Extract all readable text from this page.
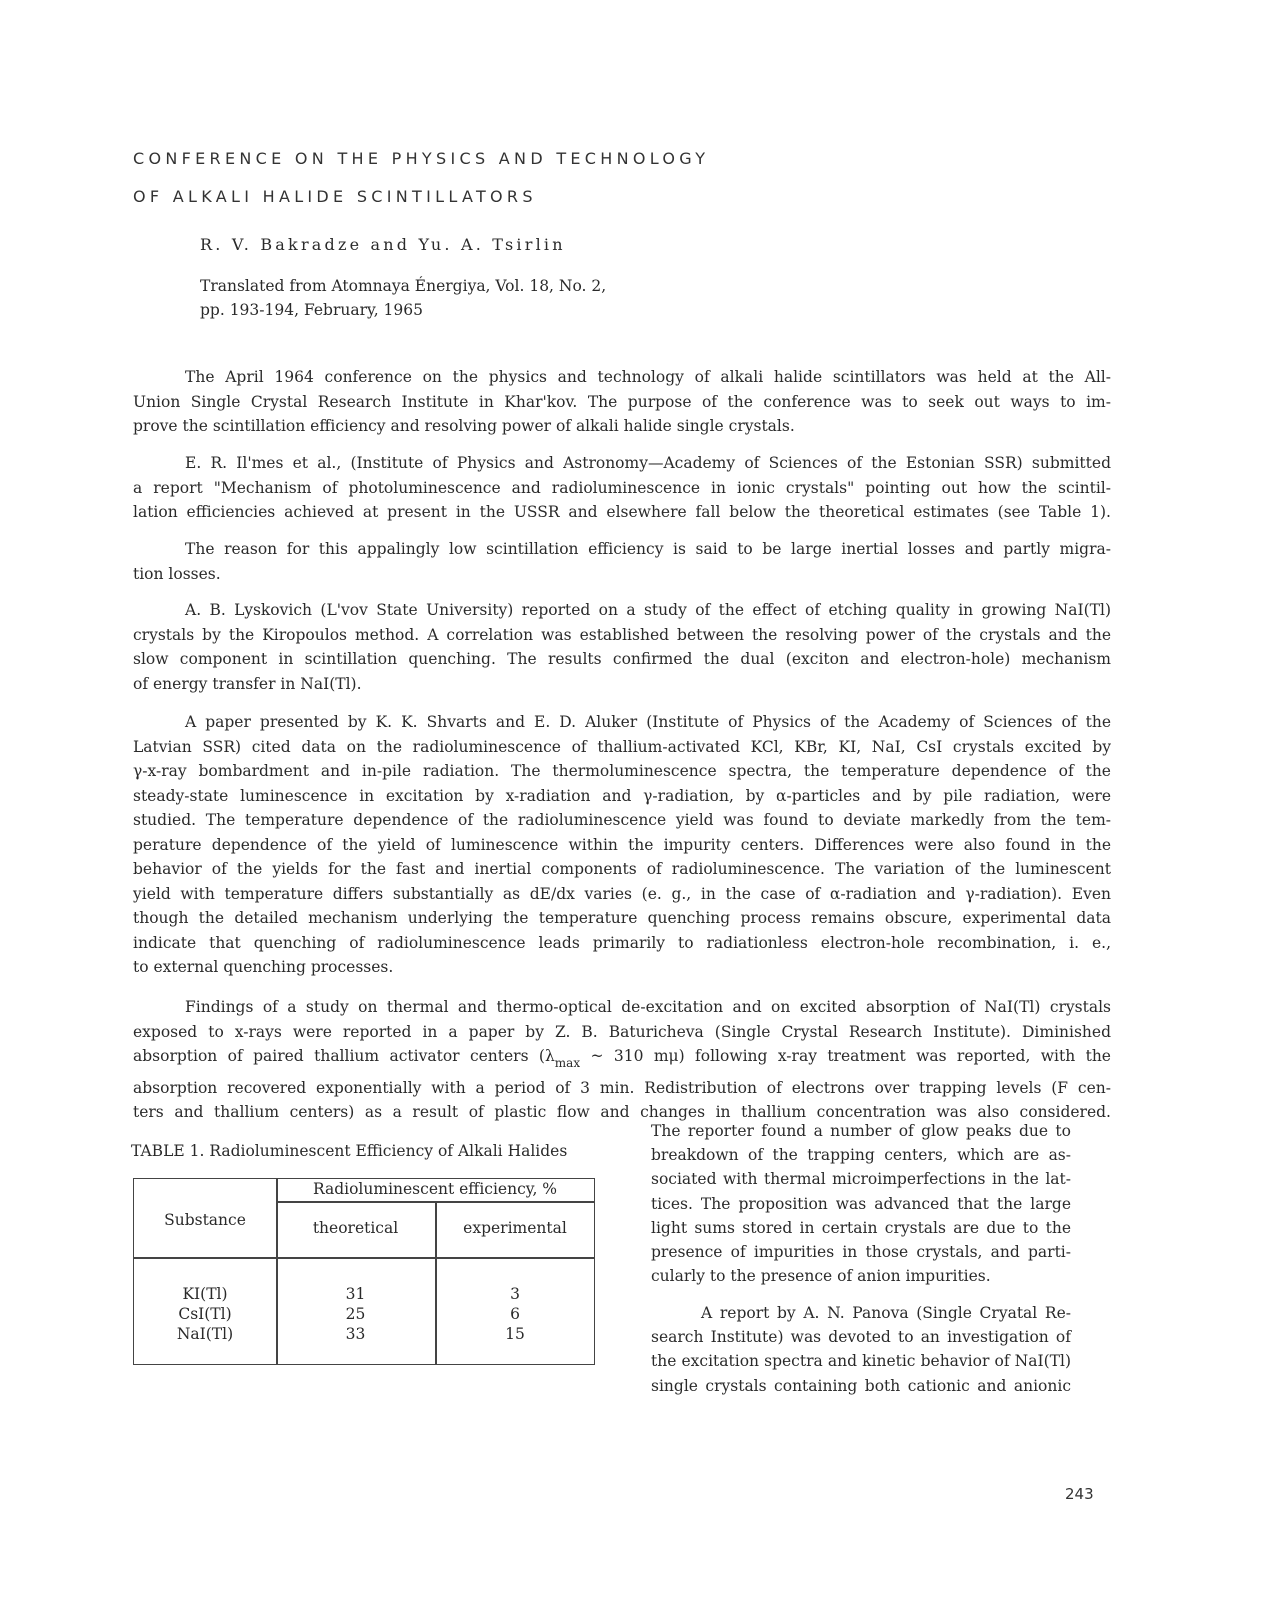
CONFERENCE ON THE PHYSICS AND TECHNOLOGY
OF ALKALI HALIDE SCINTILLATORS
R. V. Bakradze and Yu. A. Tsirlin
Translated from Atomnaya Énergiya, Vol. 18, No. 2,
pp. 193-194, February, 1965
The April 1964 conference on the physics and technology of alkali halide scintillators was held at the All-
Union Single Crystal Research Institute in Khar'kov. The purpose of the conference was to seek out ways to im-
prove the scintillation efficiency and resolving power of alkali halide single crystals.
E. R. Il'mes et al., (Institute of Physics and Astronomy—Academy of Sciences of the Estonian SSR) submitted
a report "Mechanism of photoluminescence and radioluminescence in ionic crystals" pointing out how the scintil-
lation efficiencies achieved at present in the USSR and elsewhere fall below the theoretical estimates (see Table 1).
The reason for this appalingly low scintillation efficiency is said to be large inertial losses and partly migra-
tion losses.
A. B. Lyskovich (L'vov State University) reported on a study of the effect of etching quality in growing NaI(Tl)
crystals by the Kiropoulos method. A correlation was established between the resolving power of the crystals and the
slow component in scintillation quenching. The results confirmed the dual (exciton and electron-hole) mechanism
of energy transfer in NaI(Tl).
A paper presented by K. K. Shvarts and E. D. Aluker (Institute of Physics of the Academy of Sciences of the
Latvian SSR) cited data on the radioluminescence of thallium-activated KCl, KBr, KI, NaI, CsI crystals excited by
γ-x-ray bombardment and in-pile radiation. The thermoluminescence spectra, the temperature dependence of the
steady-state luminescence in excitation by x-radiation and γ-radiation, by α-particles and by pile radiation, were
studied. The temperature dependence of the radioluminescence yield was found to deviate markedly from the tem-
perature dependence of the yield of luminescence within the impurity centers. Differences were also found in the
behavior of the yields for the fast and inertial components of radioluminescence. The variation of the luminescent
yield with temperature differs substantially as dE/dx varies (e. g., in the case of α-radiation and γ-radiation). Even
though the detailed mechanism underlying the temperature quenching process remains obscure, experimental data
indicate that quenching of radioluminescence leads primarily to radiationless electron-hole recombination, i. e.,
to external quenching processes.
Findings of a study on thermal and thermo-optical de-excitation and on excited absorption of NaI(Tl) crystals
exposed to x-rays were reported in a paper by Z. B. Baturicheva (Single Crystal Research Institute). Diminished
absorption of paired thallium activator centers ($\lambda_{max}$ ~ 310 mμ) following x-ray treatment was reported, with the
absorption recovered exponentially with a period of 3 min. Redistribution of electrons over trapping levels (F cen-
ters and thallium centers) as a result of plastic flow and changes in thallium concentration was also considered.
The reporter found a number of glow peaks due to
breakdown of the trapping centers, which are as-
sociated with thermal microimperfections in the lat-
tices. The proposition was advanced that the large
light sums stored in certain crystals are due to the
presence of impurities in those crystals, and parti-
cularly to the presence of anion impurities.
A report by A. N. Panova (Single Cryatal Re-
search Institute) was devoted to an investigation of
the excitation spectra and kinetic behavior of NaI(Tl)
single crystals containing both cationic and anionic
TABLE 1. Radioluminescent Efficiency of Alkali Halides
Substance
Radioluminescent efficiency, %
theoretical	experimental
KI(Tl)
CsI(Tl)
NaI(Tl)
31
25
33
3
6
15
243
